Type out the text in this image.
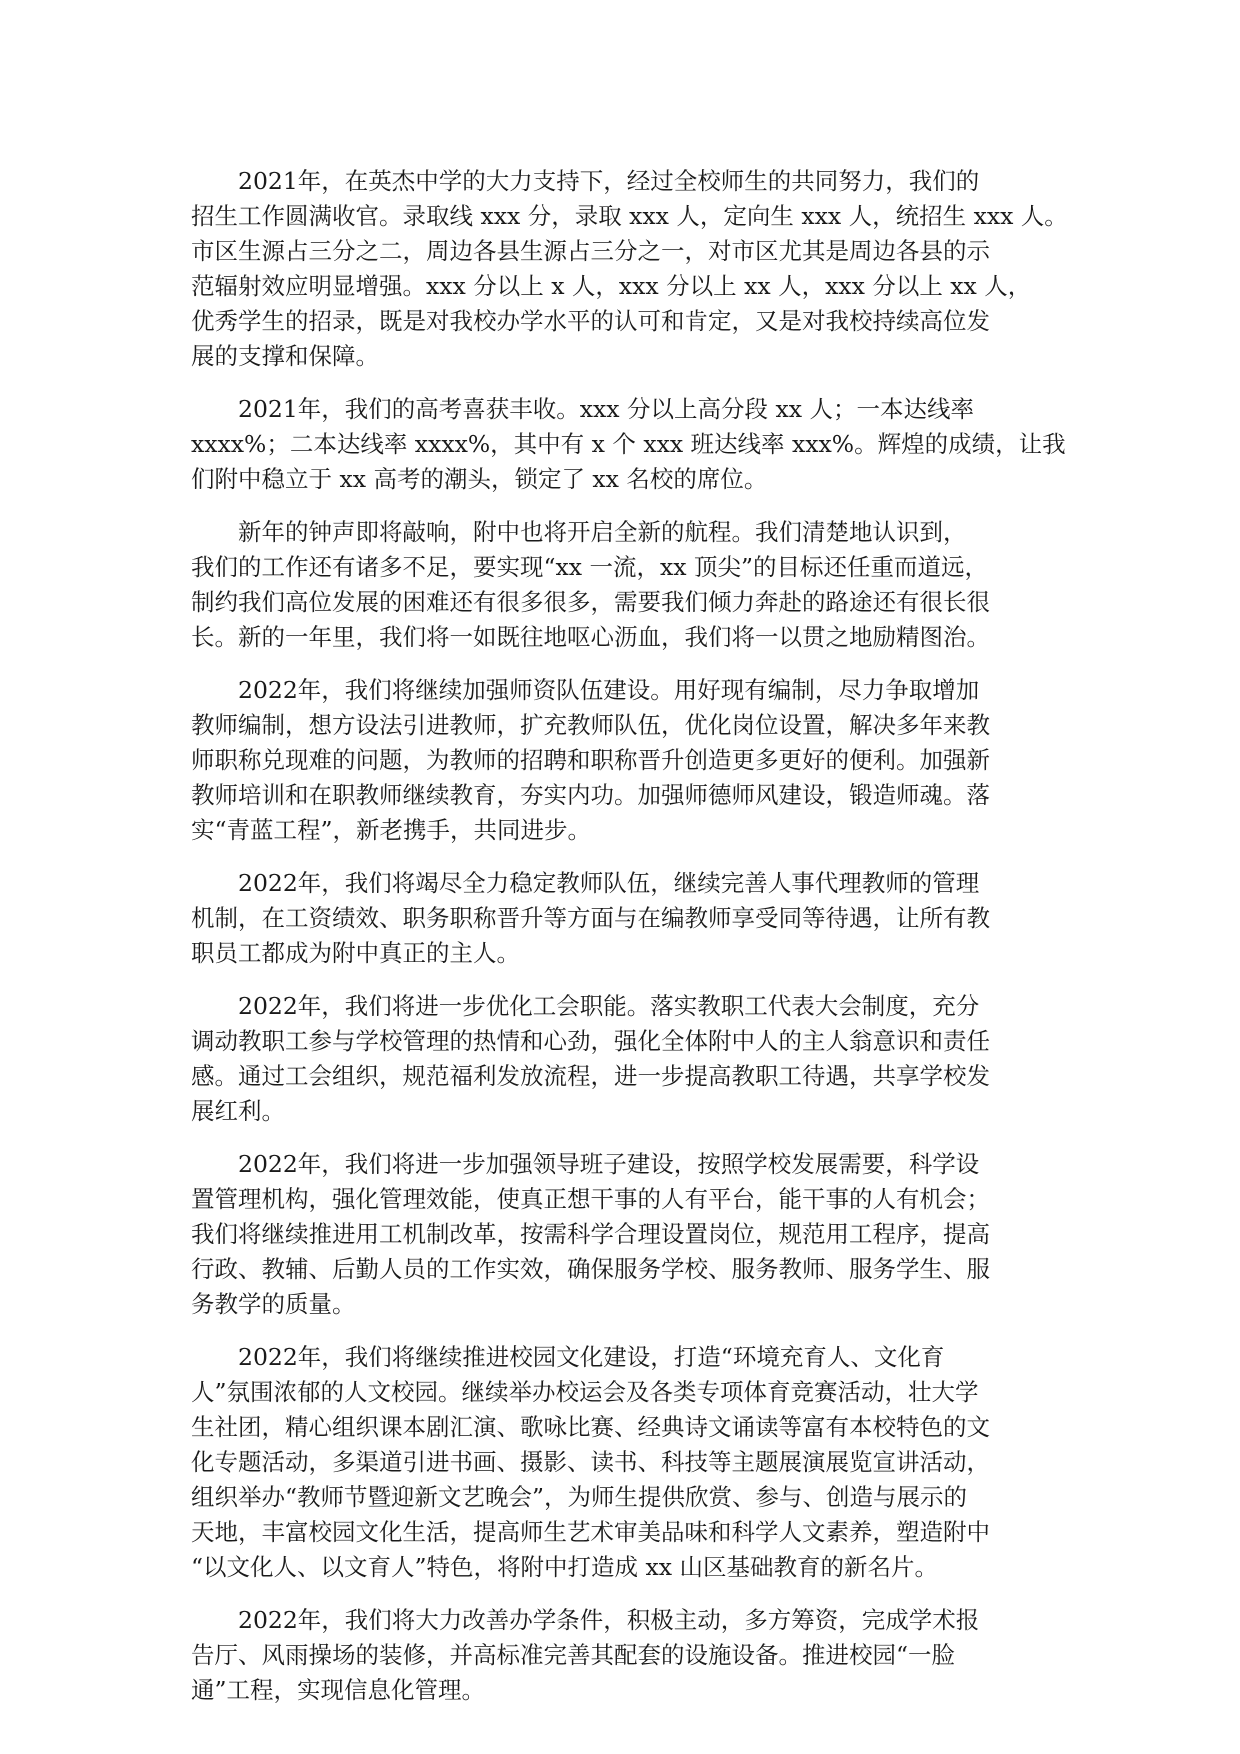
2021年，在英杰中学的大力支持下，经过全校师生的共同努力，我们的
招生工作圆满收官。录取线 xxx 分，录取 xxx 人，定向生 xxx 人，统招生 xxx 人。
市区生源占三分之二，周边各县生源占三分之一，对市区尤其是周边各县的示
范辐射效应明显增强。xxx 分以上 x 人，xxx 分以上 xx 人，xxx 分以上 xx 人，
优秀学生的招录，既是对我校办学水平的认可和肯定，又是对我校持续高位发
展的支撑和保障。

2021年，我们的高考喜获丰收。xxx 分以上高分段 xx 人；一本达线率
xxxx%；二本达线率 xxxx%，其中有 x 个 xxx 班达线率 xxx%。辉煌的成绩，让我
们附中稳立于 xx 高考的潮头，锁定了 xx 名校的席位。

新年的钟声即将敲响，附中也将开启全新的航程。我们清楚地认识到，
我们的工作还有诸多不足，要实现“xx 一流，xx 顶尖”的目标还任重而道远，
制约我们高位发展的困难还有很多很多，需要我们倾力奔赴的路途还有很长很
长。新的一年里，我们将一如既往地呕心沥血，我们将一以贯之地励精图治。

2022年，我们将继续加强师资队伍建设。用好现有编制，尽力争取增加
教师编制，想方设法引进教师，扩充教师队伍，优化岗位设置，解决多年来教
师职称兑现难的问题，为教师的招聘和职称晋升创造更多更好的便利。加强新
教师培训和在职教师继续教育，夯实内功。加强师德师风建设，锻造师魂。落
实“青蓝工程”，新老携手，共同进步。

2022年，我们将竭尽全力稳定教师队伍，继续完善人事代理教师的管理
机制，在工资绩效、职务职称晋升等方面与在编教师享受同等待遇，让所有教
职员工都成为附中真正的主人。

2022年，我们将进一步优化工会职能。落实教职工代表大会制度，充分
调动教职工参与学校管理的热情和心劲，强化全体附中人的主人翁意识和责任
感。通过工会组织，规范福利发放流程，进一步提高教职工待遇，共享学校发
展红利。

2022年，我们将进一步加强领导班子建设，按照学校发展需要，科学设
置管理机构，强化管理效能，使真正想干事的人有平台，能干事的人有机会；
我们将继续推进用工机制改革，按需科学合理设置岗位，规范用工程序，提高
行政、教辅、后勤人员的工作实效，确保服务学校、服务教师、服务学生、服
务教学的质量。

2022年，我们将继续推进校园文化建设，打造“环境充育人、文化育
人”氛围浓郁的人文校园。继续举办校运会及各类专项体育竞赛活动，壮大学
生社团，精心组织课本剧汇演、歌咏比赛、经典诗文诵读等富有本校特色的文
化专题活动，多渠道引进书画、摄影、读书、科技等主题展演展览宣讲活动，
组织举办“教师节暨迎新文艺晚会”，为师生提供欣赏、参与、创造与展示的
天地，丰富校园文化生活，提高师生艺术审美品味和科学人文素养，塑造附中
“以文化人、以文育人”特色，将附中打造成 xx 山区基础教育的新名片。

2022年，我们将大力改善办学条件，积极主动，多方筹资，完成学术报
告厅、风雨操场的装修，并高标准完善其配套的设施设备。推进校园“一脸
通”工程，实现信息化管理。
